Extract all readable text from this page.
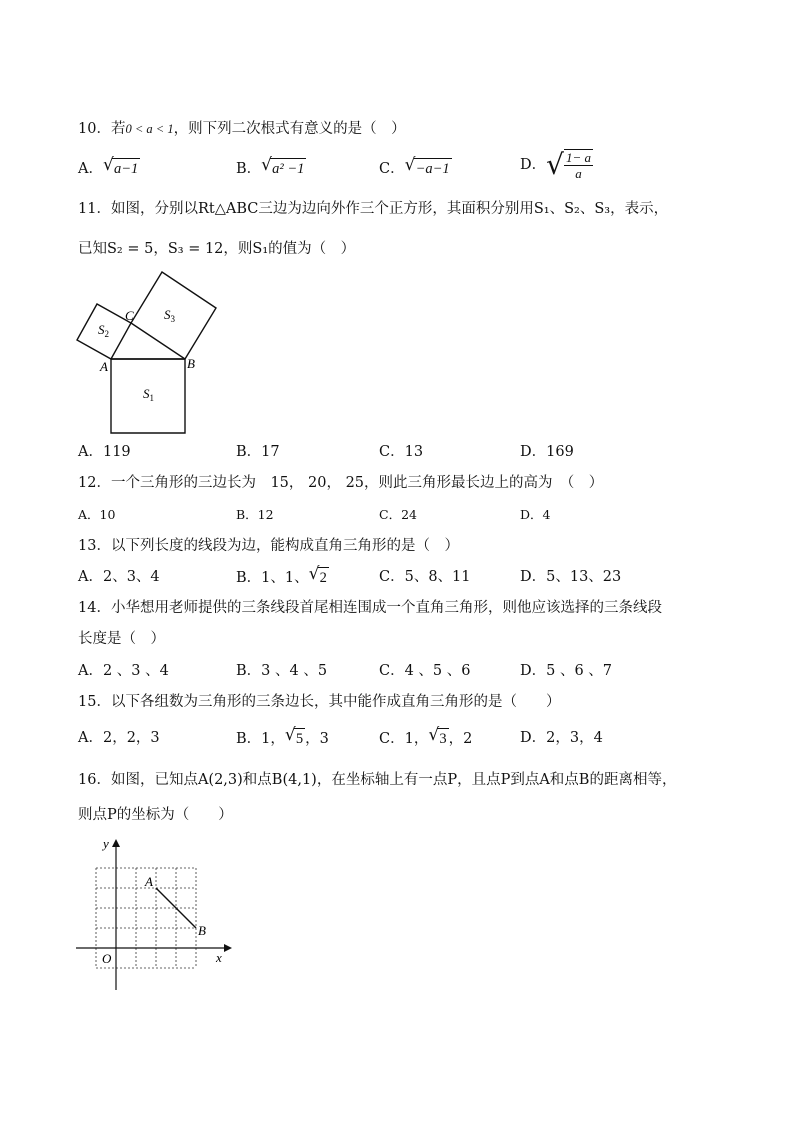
10．若0 < a < 1，则下列二次根式有意义的是（　）
A． √ a−1	B． √ a² −1	C． √ −a−1	D．√ $\frac{1- a}{a}$
11．如图，分别以Rt△ABC三边为边向外作三个正方形，其面积分别用S₁、S₂、S₃，表示，
已知S₂ = 5，S₃ = 12，则S₁的值为（　）
C
A	B
$S_1$
$S_2$
$S_3$
A．119	B．17	C．13	D．169
12．一个三角形的三边长为　15， 20， 25，则此三角形最长边上的高为　（　）
A．10	B．12	C．24	D．4
13．以下列长度的线段为边，能构成直角三角形的是（　）
A．2、3、4	B．1、1、 √ 2	C．5、8、11	D．5、13、23
14．小华想用老师提供的三条线段首尾相连围成一个直角三角形，则他应该选择的三条线段
长度是（　）
A．2 、3 、4	B．3 、4 、5	C．4 、5 、6	D．5 、6 、7
15．以下各组数为三角形的三条边长，其中能作成直角三角形的是（　　）
A．2，2，3	B．1， √ 5 ，3	C．1， √ 3 ，2	D．2，3，4
16．如图，已知点A(2,3)和点B(4,1)，在坐标轴上有一点P，且点P到点A和点B的距离相等，
则点P的坐标为（　　）
y
x
O
A
B
